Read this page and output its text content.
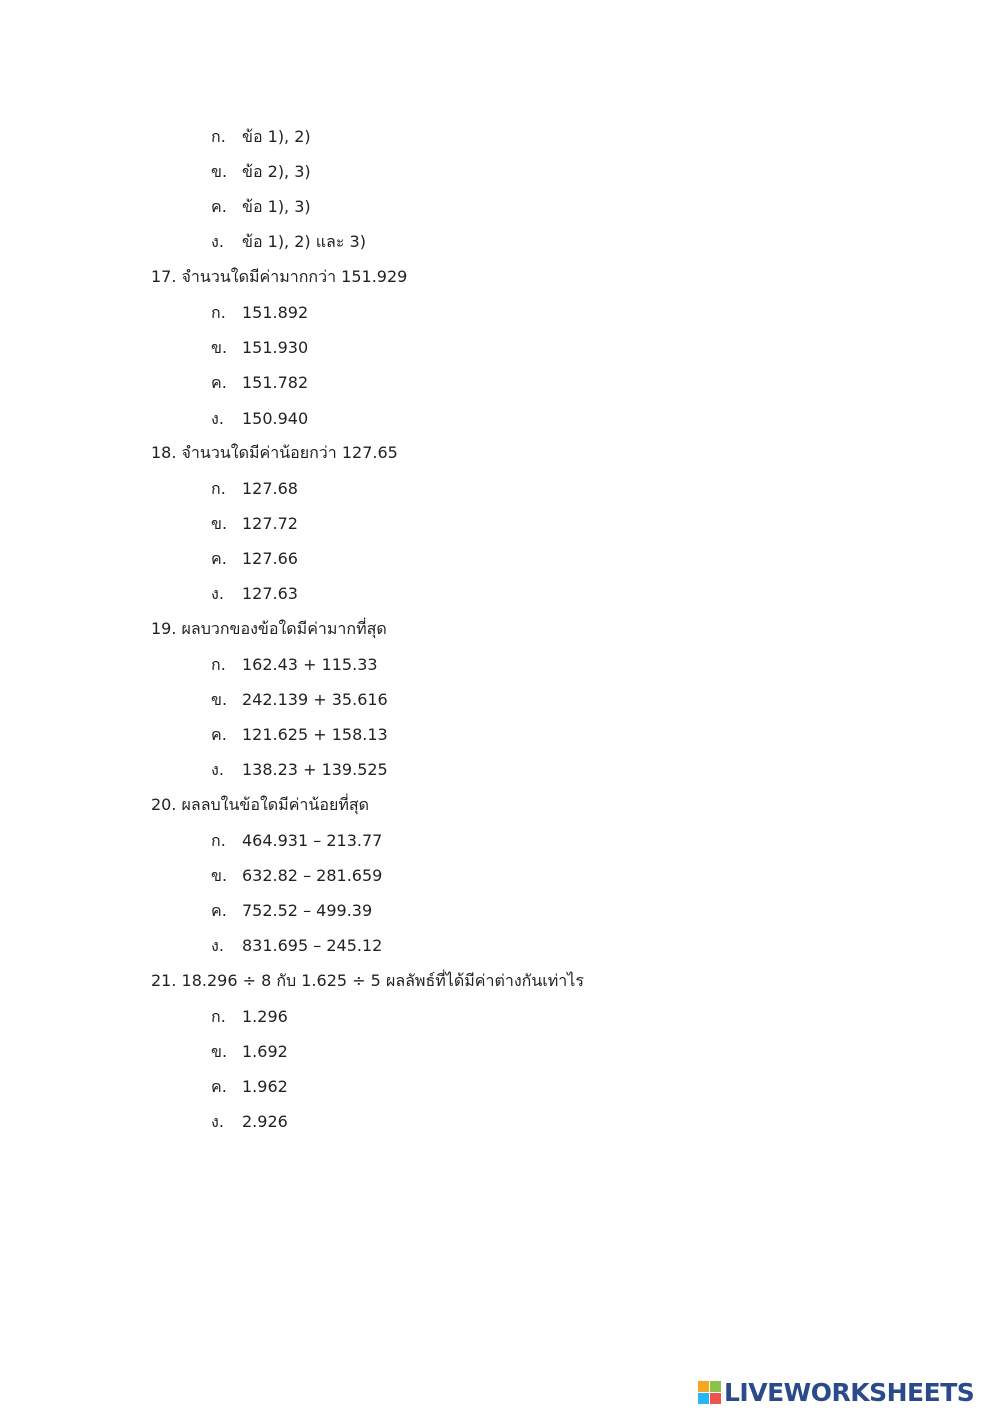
ก. ข้อ 1), 2)
ข. ข้อ 2), 3)
ค. ข้อ 1), 3)
ง. ข้อ 1), 2) และ 3)
17. จำนวนใดมีค่ามากกว่า 151.929
ก. 151.892
ข. 151.930
ค. 151.782
ง. 150.940
18. จำนวนใดมีค่าน้อยกว่า 127.65
ก. 127.68
ข. 127.72
ค. 127.66
ง. 127.63
19. ผลบวกของข้อใดมีค่ามากที่สุด
ก. 162.43 + 115.33
ข. 242.139 + 35.616
ค. 121.625 + 158.13
ง. 138.23 + 139.525
20. ผลลบในข้อใดมีค่าน้อยที่สุด
ก. 464.931 – 213.77
ข. 632.82 – 281.659
ค. 752.52 – 499.39
ง. 831.695 – 245.12
21. 18.296 ÷ 8 กับ 1.625 ÷ 5 ผลลัพธ์ที่ได้มีค่าต่างกันเท่าไร
ก. 1.296
ข. 1.692
ค. 1.962
ง. 2.926
LIVEWORKSHEETS
